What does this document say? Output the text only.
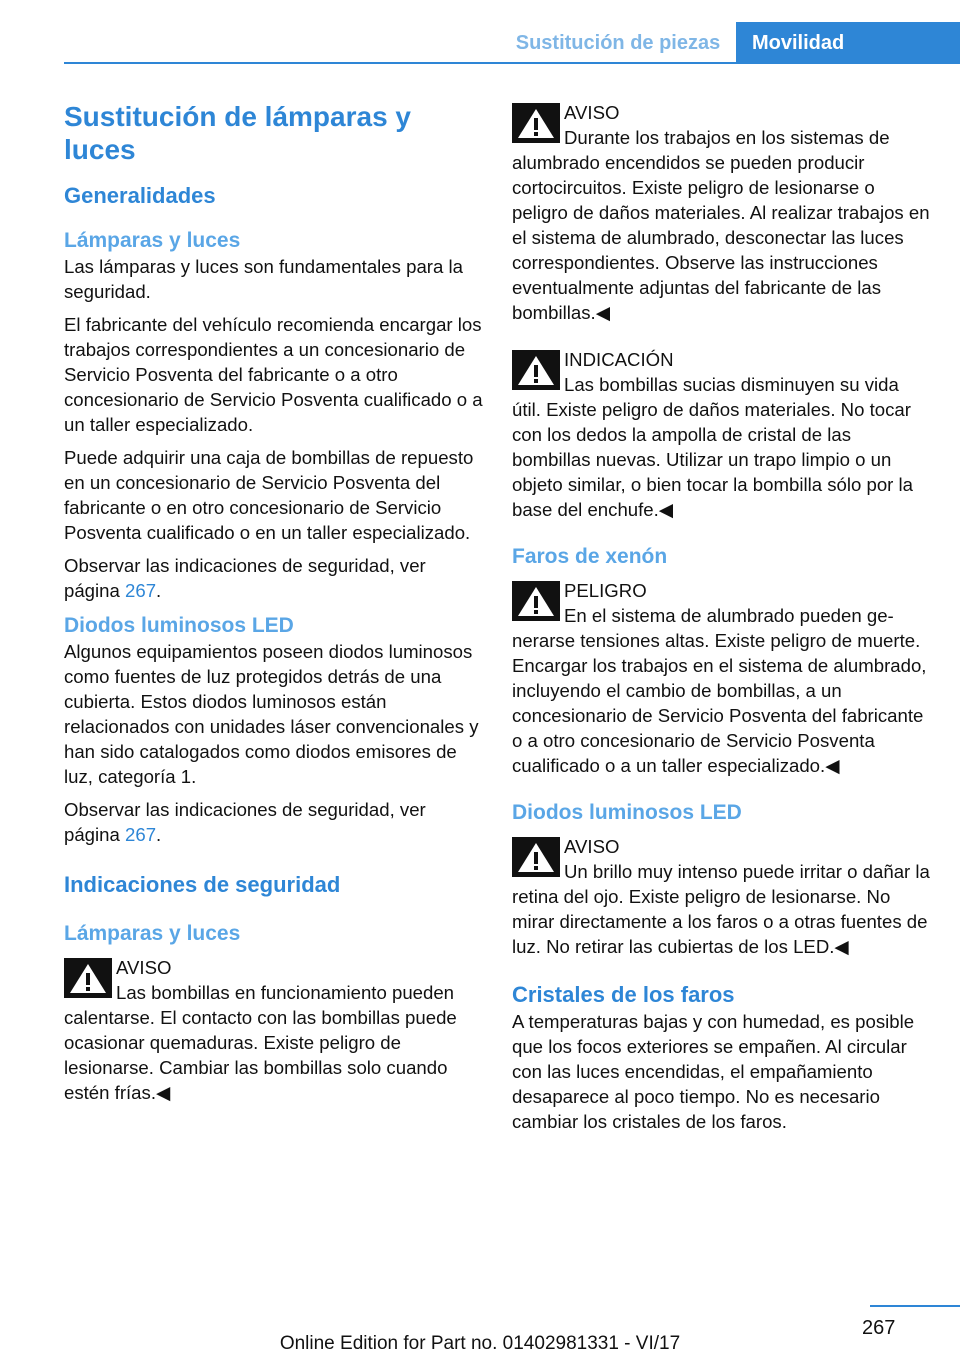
Sustitución de piezas	Movilidad
Sustitución de lámparas y luces
Generalidades
Lámparas y luces

Las lámparas y luces son fundamentales para la seguridad.

El fabricante del vehículo recomienda encargar los trabajos correspondientes a un concesionario de Servicio Posventa del fabricante o a otro concesionario de Servicio Posventa cualificado o a un taller especializado.

Puede adquirir una caja de bombillas de repuesto en un concesionario de Servicio Posventa del fabricante o en otro concesionario de Servicio Posventa cualificado o en un taller especializado.

Observar las indicaciones de seguridad, ver página 267.

Diodos luminosos LED

Algunos equipamientos poseen diodos luminosos como fuentes de luz protegidos detrás de una cubierta. Estos diodos luminosos están relacionados con unidades láser convencionales y han sido catalogados como diodos emisores de luz, categoría 1.

Observar las indicaciones de seguridad, ver página 267.

Indicaciones de seguridad
Lámparas y luces
AVISO
Las bombillas en funcionamiento pueden calentarse. El contacto con las bombillas puede ocasionar quemaduras. Existe peligro de lesionarse. Cambiar las bombillas solo cuando estén frías.◀
AVISO
Durante los trabajos en los sistemas de alumbrado encendidos se pueden producir cortocircuitos. Existe peligro de lesionarse o peligro de daños materiales. Al realizar trabajos en el sistema de alumbrado, desconectar las luces correspondientes. Observe las instrucciones eventualmente adjuntas del fabricante de las bombillas.◀
INDICACIÓN
Las bombillas sucias disminuyen su vida útil. Existe peligro de daños materiales. No tocar con los dedos la ampolla de cristal de las bombillas nuevas. Utilizar un trapo limpio o un objeto similar, o bien tocar la bombilla sólo por la base del enchufe.◀
Faros de xenón
PELIGRO
En el sistema de alumbrado pueden generarse tensiones altas. Existe peligro de muerte. Encargar los trabajos en el sistema de alumbrado, incluyendo el cambio de bombillas, a un concesionario de Servicio Posventa del fabricante o a otro concesionario de Servicio Posventa cualificado o a un taller especializado.◀
Diodos luminosos LED
AVISO
Un brillo muy intenso puede irritar o dañar la retina del ojo. Existe peligro de lesionarse. No mirar directamente a los faros o a otras fuentes de luz. No retirar las cubiertas de los LED.◀
Cristales de los faros

A temperaturas bajas y con humedad, es posible que los focos exteriores se empañen. Al circular con las luces encendidas, el empañamiento desaparece al poco tiempo. No es necesario cambiar los cristales de los faros.

267
Online Edition for Part no. 01402981331 - VI/17
